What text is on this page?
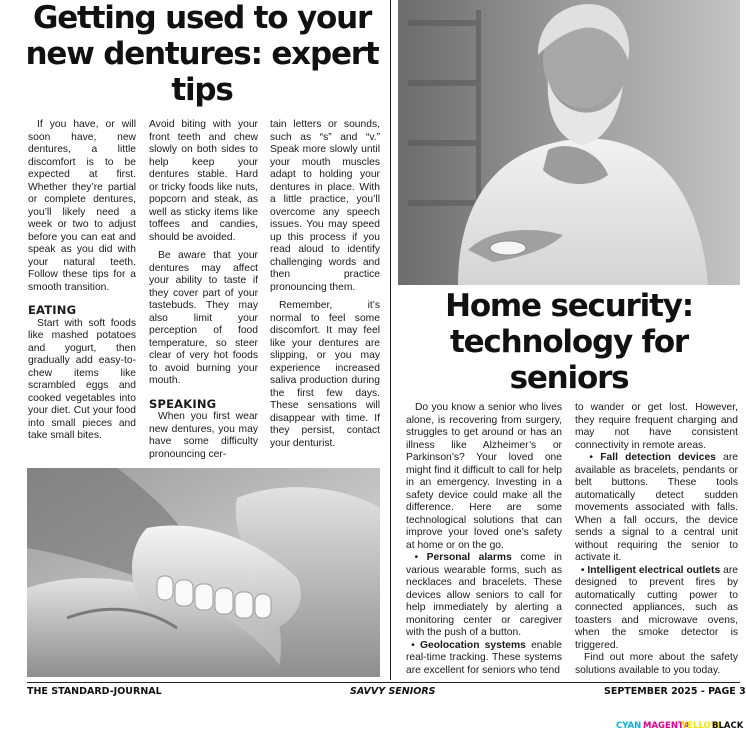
Getting used to your new dentures: expert tips

If you have, or will soon have, new dentures, a little discomfort is to be expected at first. Whether they’re partial or complete dentures, you’ll likely need a week or two to adjust before you can eat and speak as you did with your natural teeth. Follow these tips for a smooth transition.

EATING

Start with soft foods like mashed potatoes and yogurt, then gradually add easy-to-chew items like scrambled eggs and cooked vegetables into your diet. Cut your food into small pieces and take small bites.

Avoid biting with your front teeth and chew slowly on both sides to help keep your dentures stable. Hard or tricky foods like nuts, popcorn and steak, as well as sticky items like toffees and candies, should be avoided.

Be aware that your dentures may affect your ability to taste if they cover part of your tastebuds. They may also limit your perception of food temperature, so steer clear of very hot foods to avoid burning your mouth.

SPEAKING

When you first wear new dentures, you may have some difficulty pronouncing cer-

tain letters or sounds, such as “s” and “v.” Speak more slowly until your mouth muscles adapt to holding your dentures in place. With a little practice, you’ll overcome any speech issues. You may speed up this process if you read aloud to identify challenging words and then practice pronouncing them.

Remember, it’s normal to feel some discomfort. It may feel like your dentures are slipping, or you may experience increased saliva production during the first few days. These sensations will disappear with time. If they persist, contact your denturist.

Home security: technology for seniors

Do you know a senior who lives alone, is recovering from surgery, struggles to get around or has an illness like Alzheimer’s or Parkinson’s? Your loved one might find it difficult to call for help in an emergency. Investing in a safety device could make all the difference. Here are some technological solutions that can improve your loved one’s safety at home or on the go.

• Personal alarms come in various wearable forms, such as necklaces and bracelets. These devices allow seniors to call for help immediately by alerting a monitoring center or caregiver with the push of a button.

• Geolocation systems enable real-time tracking. These systems are excellent for seniors who tend

to wander or get lost. However, they require frequent charging and may not have consistent connectivity in remote areas.

• Fall detection devices are available as bracelets, pendants or belt buttons. These tools automatically detect sudden movements associated with falls. When a fall occurs, the device sends a signal to a central unit without requiring the senior to activate it.

• Intelligent electrical outlets are designed to prevent fires by automatically cutting power to connected appliances, such as toasters and microwave ovens, when the smoke detector is triggered.

Find out more about the safety solutions available to you today.

THE STANDARD-JOURNAL	SAVVY SENIORS	SEPTEMBER 2025 - PAGE 3
CYAN MAGENTA
YELLOW
BLACK
